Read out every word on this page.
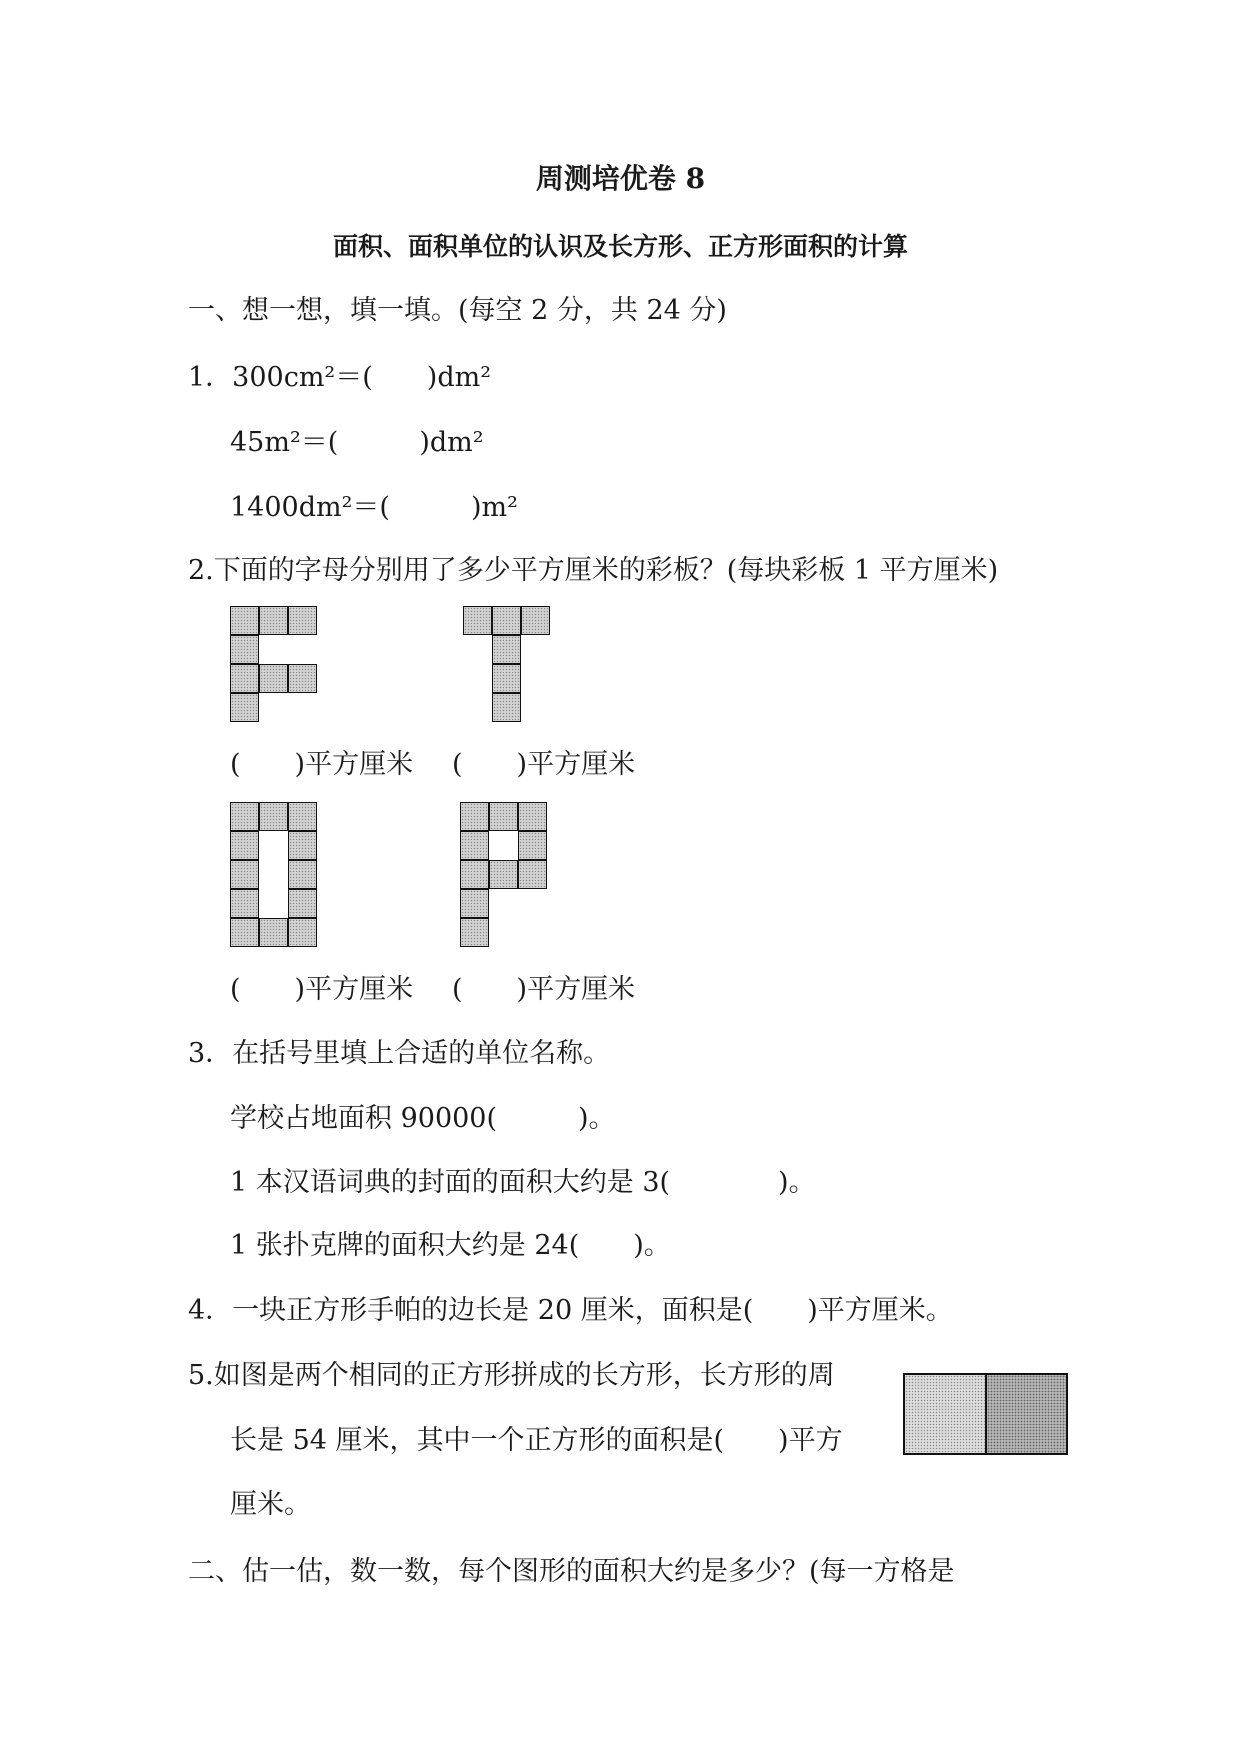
周测培优卷 8
面积、面积单位的认识及长方形、正方形面积的计算
一、想一想，填一填。(每空 2 分，共 24 分)
1．300cm²＝(　　)dm²
45m²＝(　　　)dm²
1400dm²＝(　　　)m²
2.下面的字母分别用了多少平方厘米的彩板？(每块彩板 1 平方厘米)
(　　)平方厘米 (　　)平方厘米
(　　)平方厘米 (　　)平方厘米
3．在括号里填上合适的单位名称。
学校占地面积 90000(　　　)。
1 本汉语词典的封面的面积大约是 3(　　　　)。
1 张扑克牌的面积大约是 24(　　)。
4．一块正方形手帕的边长是 20 厘米，面积是(　　)平方厘米。
5.如图是两个相同的正方形拼成的长方形，长方形的周
长是 54 厘米，其中一个正方形的面积是(　　)平方
厘米。
二、估一估，数一数，每个图形的面积大约是多少？(每一方格是
